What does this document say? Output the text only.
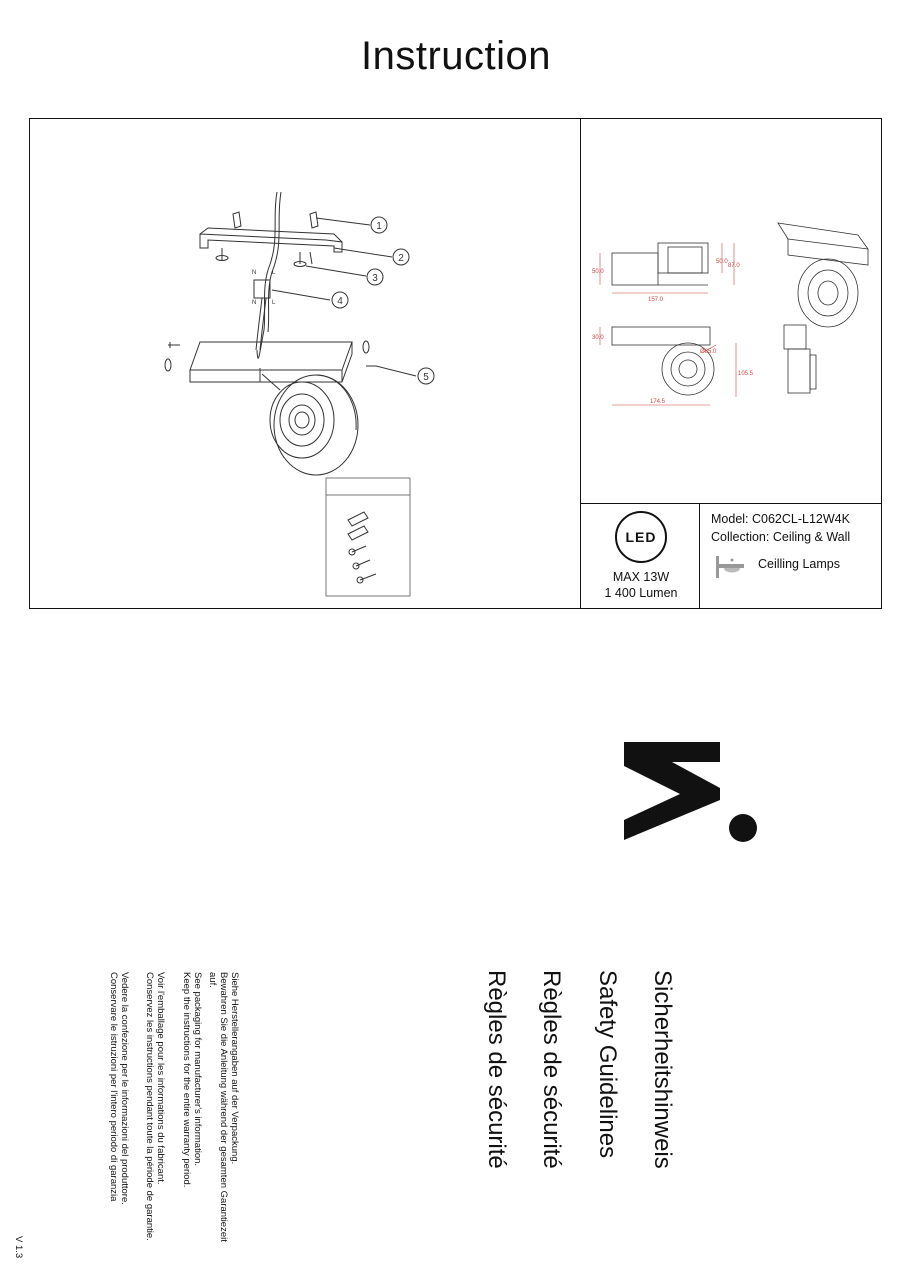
Instruction
1
2
3
4
5
N	L
N	L
50.0
157.0
50.0
87.0
30.0
174.5
Ø85.0
105.5
LED
MAX 13W
1 400 Lumen
Model: C062CL-L12W4K
Collection: Ceiling & Wall
Ceilling Lamps
Sicherheitshinweis
Safety Guidelines
Règles de sécurité
Règles de sécurité
Siehe Herstellerangaben auf der Verpackung.
Bewahren Sie die Anleitung während der gesamten Garantiezeit
auf.
See packaging for manufacturer's information.
Keep the instructions for the entire warranty period.
Voir l'emballage pour les informations du fabricant.
Conservez les instructions pendant toute la période de garantie.
Vedere la confezione per le informazioni del produttore.
Conservare le istruzioni per l'intero periodo di garanzia
V 1.3
